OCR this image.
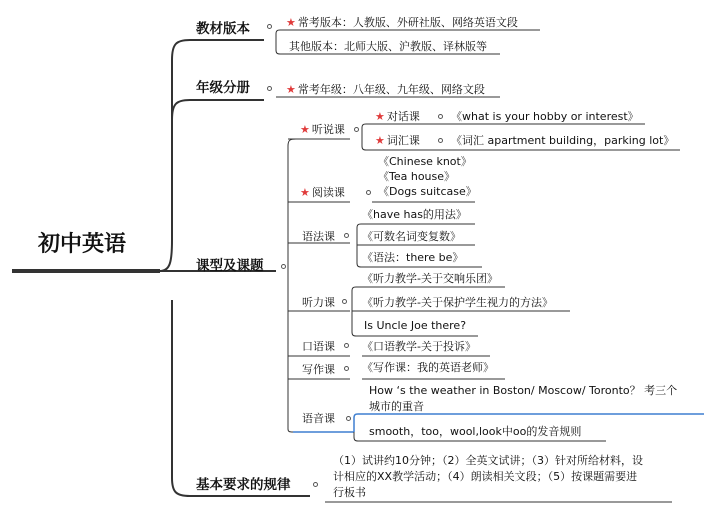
初中英语
教材版本	★ 常考版本：人教版、外研社版、网络英语文段
其他版本：北师大版、沪教版、译林版等
年级分册	★ 常考年级：八年级、九年级、网络文段
课型及课题
★ 听说课
★ 对话课	《what is your hobby or interest》
★ 词汇课	《词汇 apartment building，parking lot》
★ 阅读课
《Chinese knot》
《Tea house》
《Dogs suitcase》
语法课
《have has的用法》
《可数名词变复数》
《语法：there be》
听力课
《听力教学-关于交响乐团》
《听力教学-关于保护学生视力的方法》
Is Uncle Joe there?
口语课 《口语教学-关于投诉》
写作课 《写作课：我的英语老师》
语音课
How ‘s the weather in Boston/ Moscow/ Toronto？ 考三个
城市的重音
smooth，too，wool,look中oo的发音规则
基本要求的规律
（1）试讲约10分钟；（2）全英文试讲；（3）针对所给材料，设
计相应的XX教学活动；（4）朗读相关文段；（5）按课题需要进
行板书
